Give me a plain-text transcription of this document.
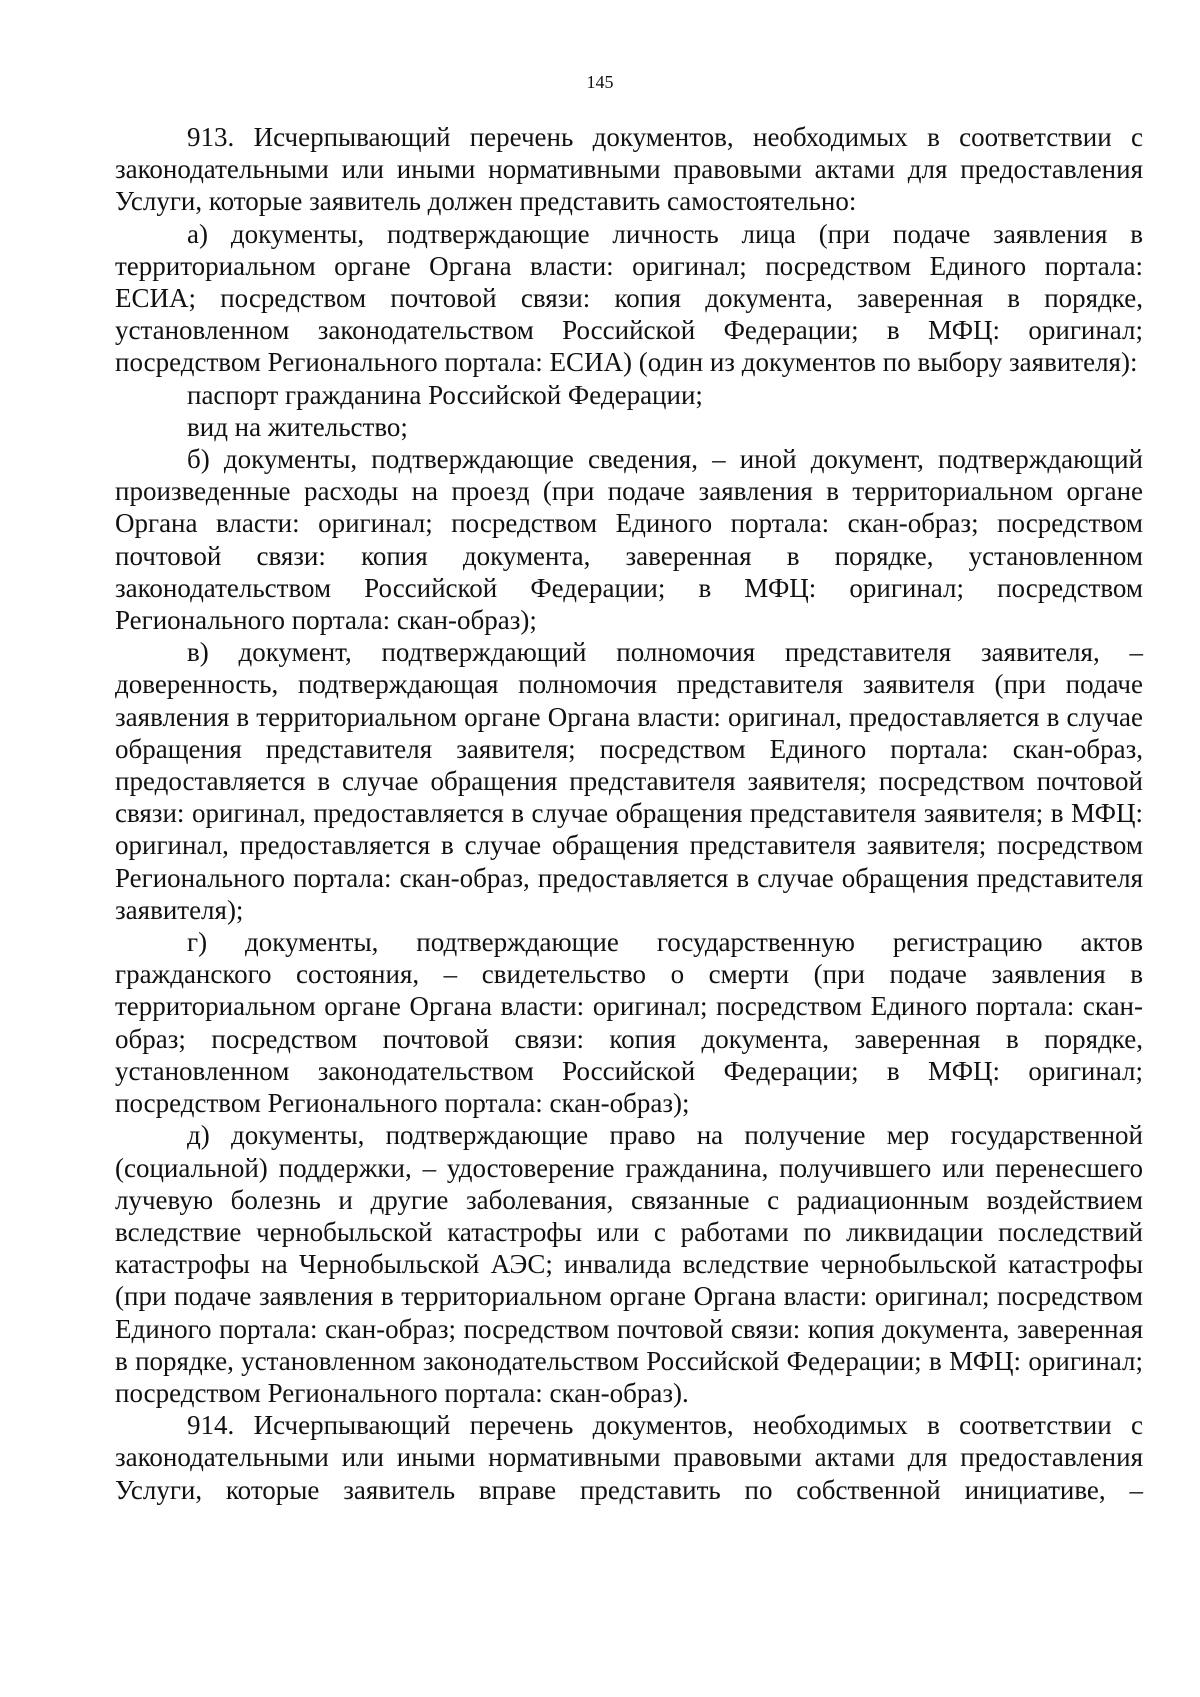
145

913. Исчерпывающий перечень документов, необходимых в соответствии с законодательными или иными нормативными правовыми актами для предоставления Услуги, которые заявитель должен представить самостоятельно:

а) документы, подтверждающие личность лица (при подаче заявления в территориальном органе Органа власти: оригинал; посредством Единого портала: ЕСИА; посредством почтовой связи: копия документа, заверенная в порядке, установленном законодательством Российской Федерации; в МФЦ: оригинал; посредством Регионального портала: ЕСИА) (один из документов по выбору заявителя):

паспорт гражданина Российской Федерации;

вид на жительство;

б) документы, подтверждающие сведения, – иной документ, подтверждающий произведенные расходы на проезд (при подаче заявления в территориальном органе Органа власти: оригинал; посредством Единого портала: скан-образ; посредством почтовой связи: копия документа, заверенная в порядке, установленном законодательством Российской Федерации; в МФЦ: оригинал; посредством Регионального портала: скан-образ);

в) документ, подтверждающий полномочия представителя заявителя, – доверенность, подтверждающая полномочия представителя заявителя (при подаче заявления в территориальном органе Органа власти: оригинал, предоставляется в случае обращения представителя заявителя; посредством Единого портала: скан-образ, предоставляется в случае обращения представителя заявителя; посредством почтовой связи: оригинал, предоставляется в случае обращения представителя заявителя; в МФЦ: оригинал, предоставляется в случае обращения представителя заявителя; посредством Регионального портала: скан-образ, предоставляется в случае обращения представителя заявителя);

г) документы, подтверждающие государственную регистрацию актов гражданского состояния, – свидетельство о смерти (при подаче заявления в территориальном органе Органа власти: оригинал; посредством Единого портала: скан-образ; посредством почтовой связи: копия документа, заверенная в порядке, установленном законодательством Российской Федерации; в МФЦ: оригинал; посредством Регионального портала: скан-образ);

д) документы, подтверждающие право на получение мер государственной (социальной) поддержки, – удостоверение гражданина, получившего или перенесшего лучевую болезнь и другие заболевания, связанные с радиационным воздействием вследствие чернобыльской катастрофы или с работами по ликвидации последствий катастрофы на Чернобыльской АЭС; инвалида вследствие чернобыльской катастрофы (при подаче заявления в территориальном органе Органа власти: оригинал; посредством Единого портала: скан-образ; посредством почтовой связи: копия документа, заверенная в порядке, установленном законодательством Российской Федерации; в МФЦ: оригинал; посредством Регионального портала: скан-образ).

914. Исчерпывающий перечень документов, необходимых в соответствии с законодательными или иными нормативными правовыми актами для предоставления Услуги, которые заявитель вправе представить по собственной инициативе, –
